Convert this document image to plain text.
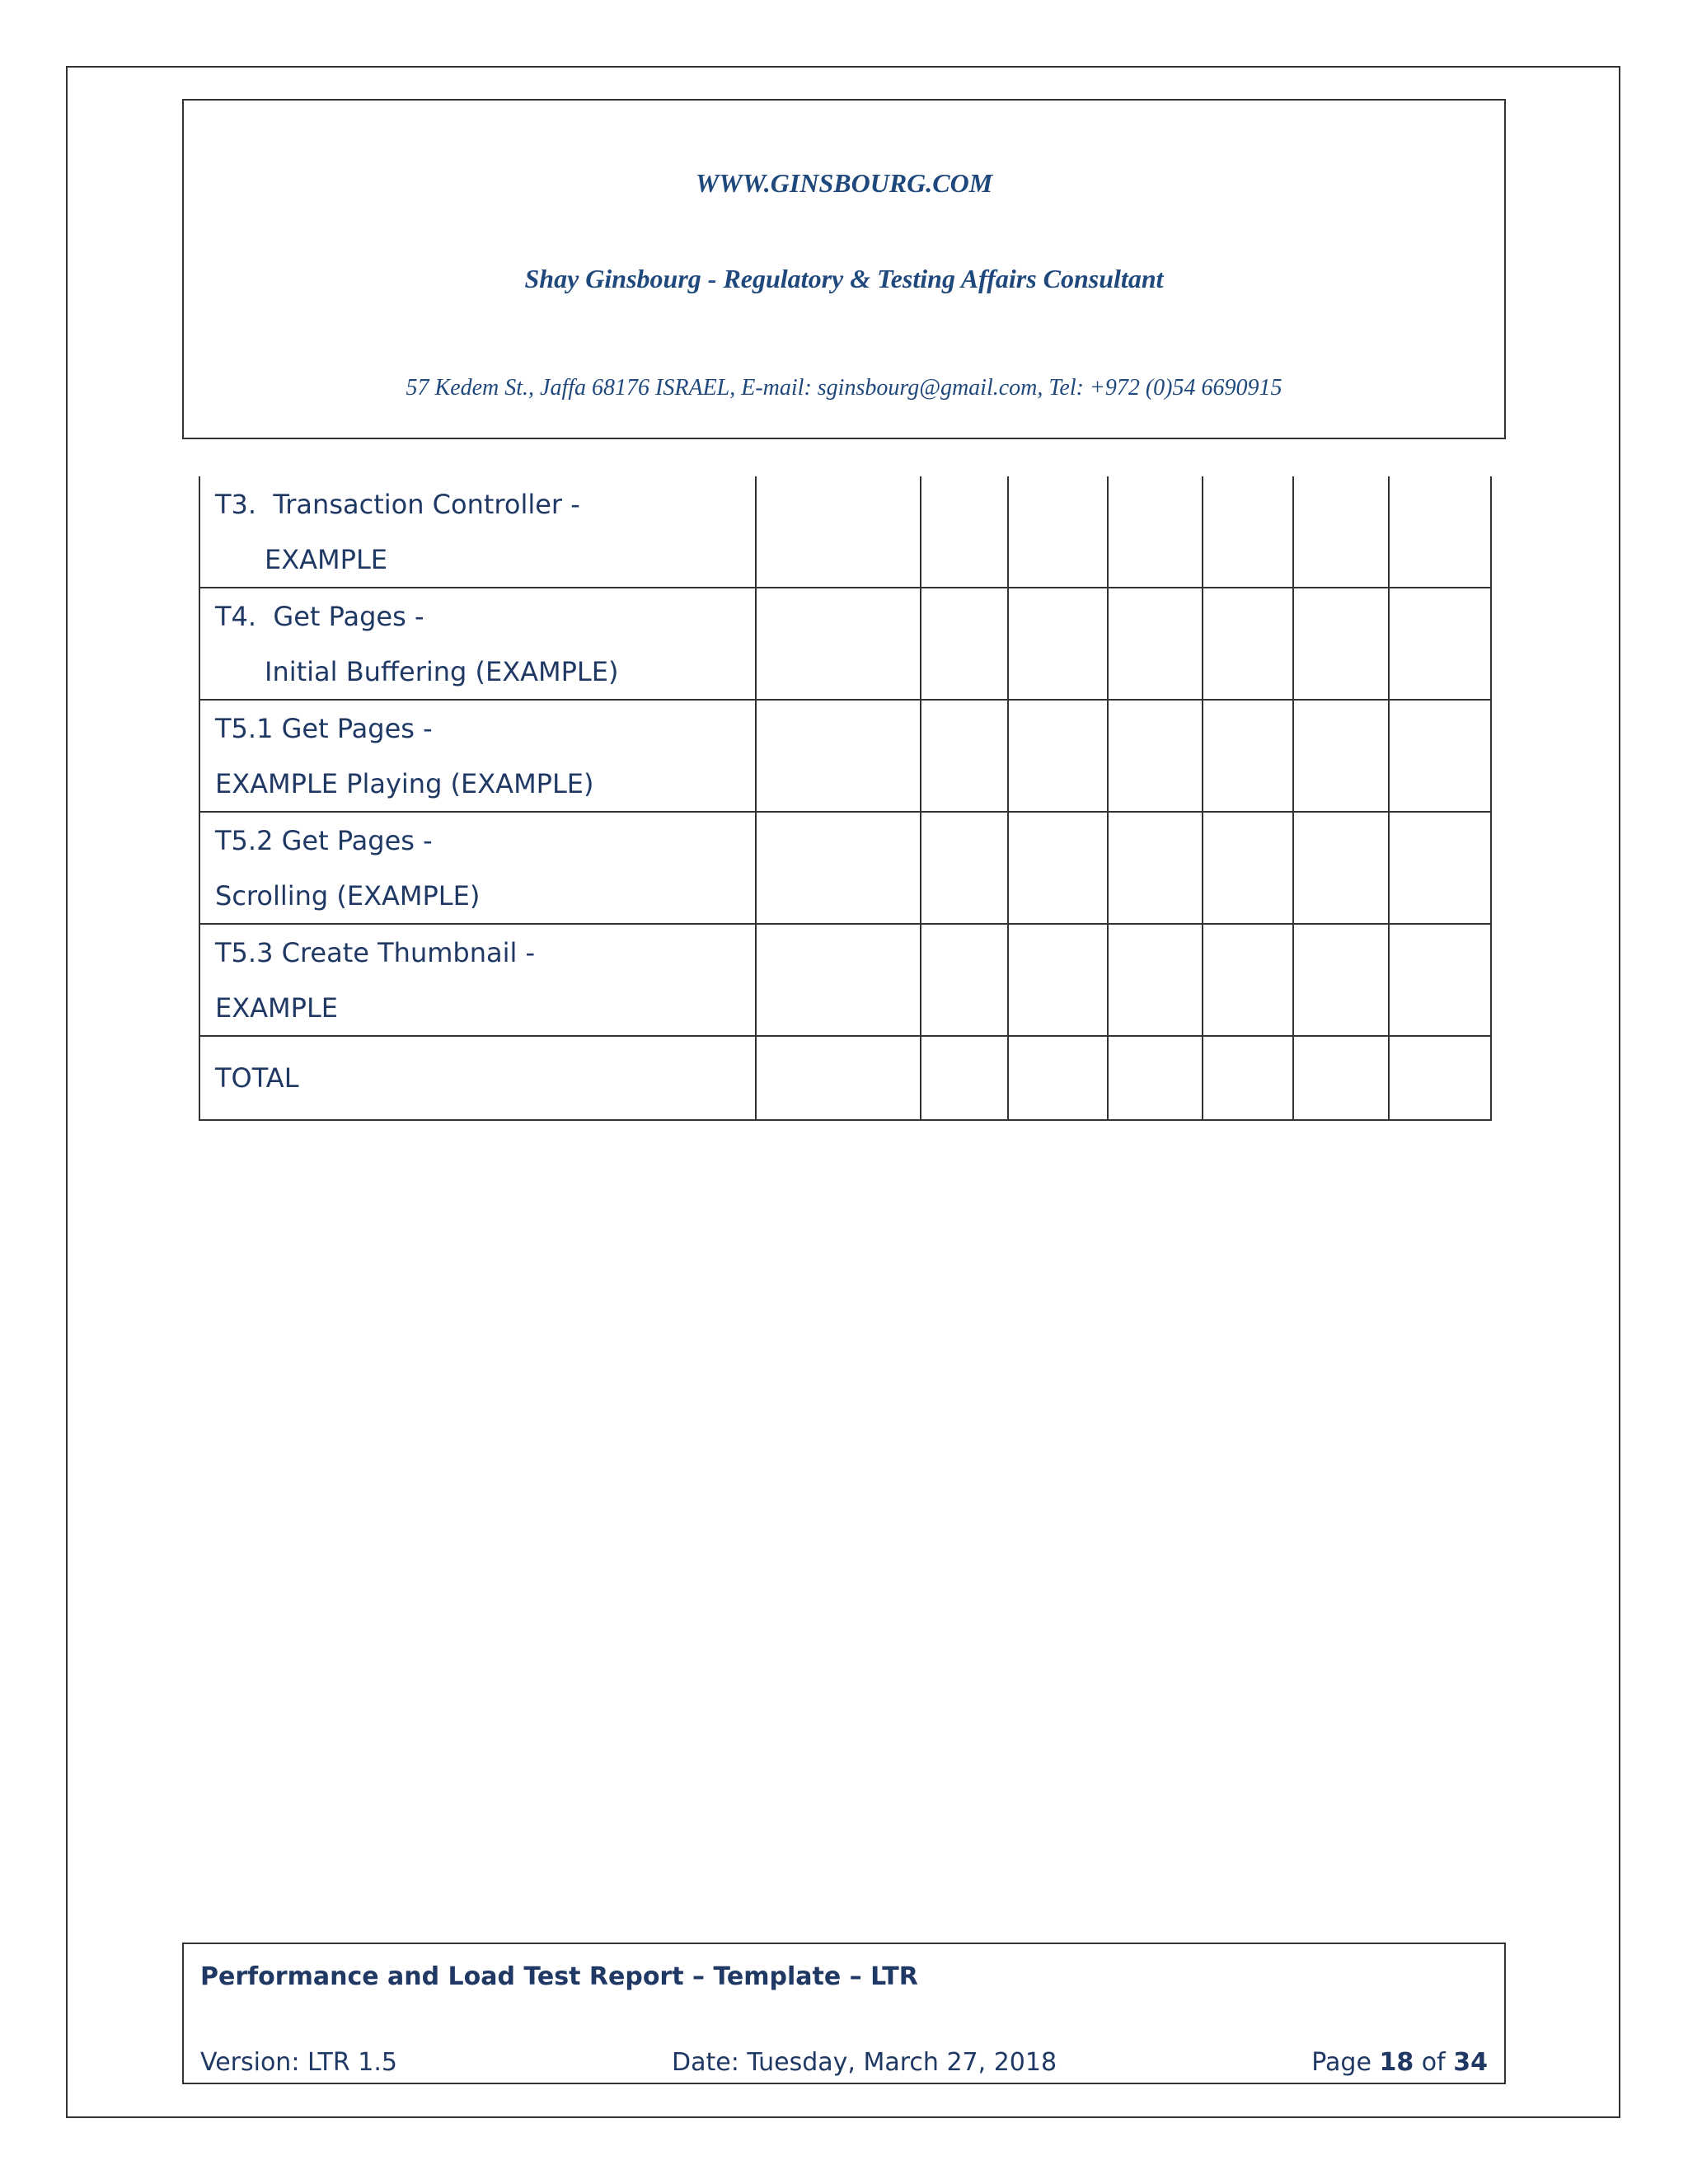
WWW.GINSBOURG.COM
Shay Ginsbourg - Regulatory & Testing Affairs Consultant
57 Kedem St., Jaffa 68176 ISRAEL, E-mail: sginsbourg@gmail.com, Tel: +972 (0)54 6690915
T3. Transaction Controller -
EXAMPLE							

T4. Get Pages -
Initial Buffering (EXAMPLE)							

T5.1 Get Pages -
EXAMPLE Playing (EXAMPLE)							

T5.2 Get Pages -
Scrolling (EXAMPLE)							

T5.3 Create Thumbnail -
EXAMPLE							

TOTAL							

Performance and Load Test Report – Template – LTR
Version: LTR 1.5	Date: Tuesday, March 27, 2018	Page 18 of 34
